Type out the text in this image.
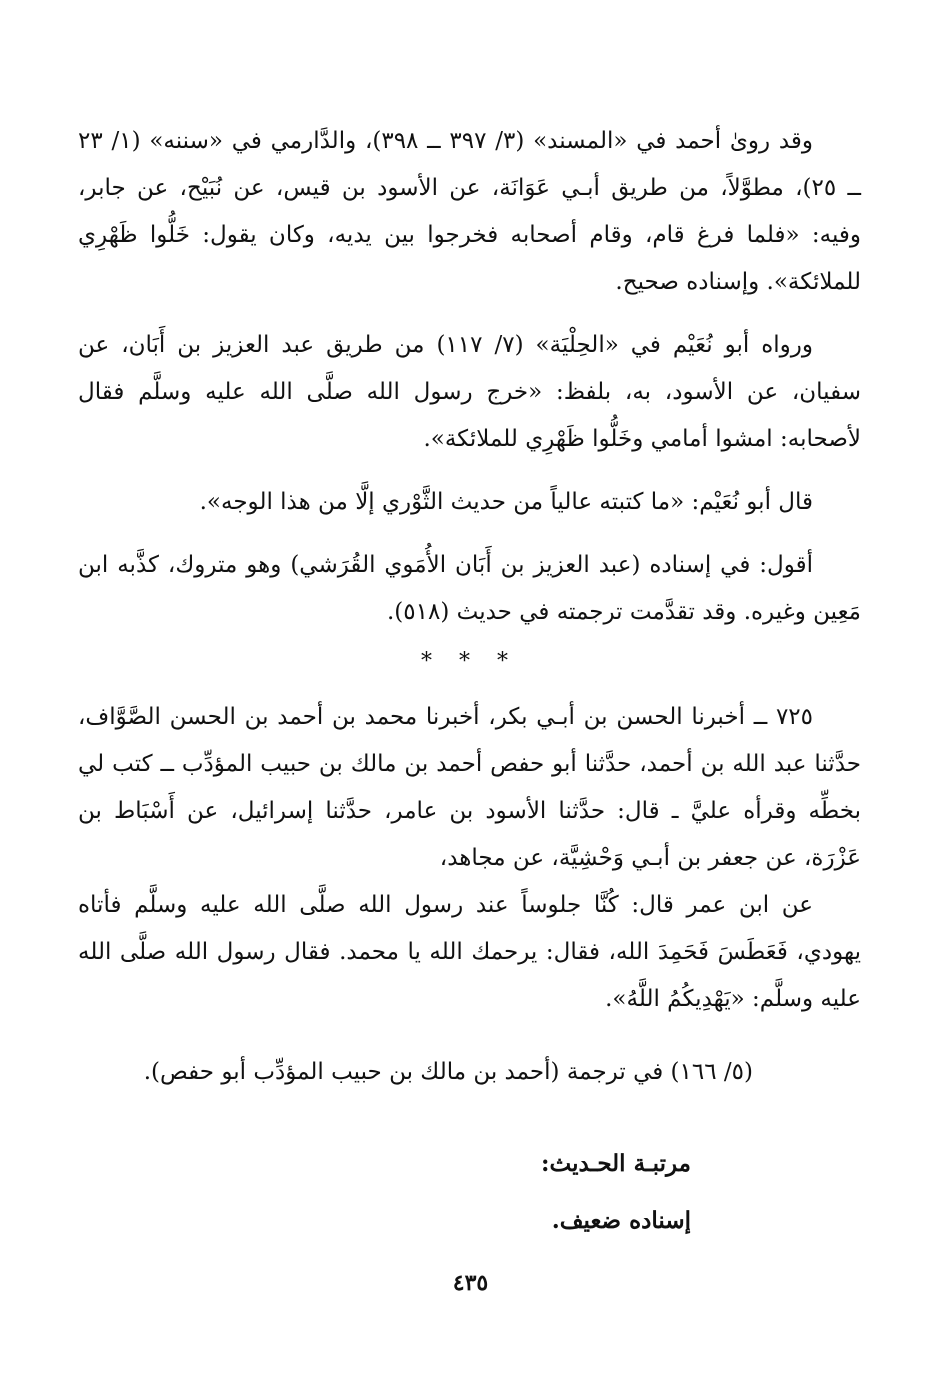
وقد روىٰ أحمد في «المسند» (٣/ ٣٩٧ ــ ٣٩٨)، والدَّارمي في «سننه» (١/ ٢٣ ــ ٢٥)، مطوَّلاً، من طريق أبـي عَوَانَة، عن الأسود بن قيس، عن نُبَيْح، عن جابر، وفيه: «فلما فرغ قام، وقام أصحابه فخرجوا بين يديه، وكان يقول: خَلُّوا ظَهْرِي للملائكة». وإسناده صحيح.

ورواه أبو نُعَيْم في «الحِلْيَة» (٧/ ١١٧) من طريق عبد العزيز بن أَبَان، عن سفيان، عن الأسود، به، بلفظ: «خرج رسول الله صلَّى الله عليه وسلَّم فقال لأصحابه: امشوا أمامي وخَلُّوا ظَهْرِي للملائكة».

قال أبو نُعَيْم: «ما كتبته عالياً من حديث الثَّوْري إلَّا من هذا الوجه».

أقول: في إسناده (عبد العزيز بن أَبَان الأُمَوي القُرَشي) وهو متروك، كذَّبه ابن مَعِين وغيره. وقد تقدَّمت ترجمته في حديث (٥١٨).

* * *

٧٢٥ ــ أخبرنا الحسن بن أبـي بكر، أخبرنا محمد بن أحمد بن الحسن الصَّوَّاف، حدَّثنا عبد الله بن أحمد، حدَّثنا أبو حفص أحمد بن مالك بن حبيب المؤدِّب ــ كتب لي بخطِّه وقرأه عليَّ ـ قال: حدَّثنا الأسود بن عامر، حدَّثنا إسرائيل، عن أَسْبَاط بن عَزْرَة، عن جعفر بن أبـي وَحْشِيَّة، عن مجاهد،

عن ابن عمر قال: كُنَّا جلوساً عند رسول الله صلَّى الله عليه وسلَّم فأتاه يهودي، فَعَطَسَ فَحَمِدَ الله، فقال: يرحمك الله يا محمد. فقال رسول الله صلَّى الله عليه وسلَّم: «يَهْدِيكُمُ اللَّهُ».

(٥/ ١٦٦) في ترجمة (أحمد بن مالك بن حبيب المؤدِّب أبو حفص).

مرتبـة الحـديث:

إسناده ضعيف.

٤٣٥
